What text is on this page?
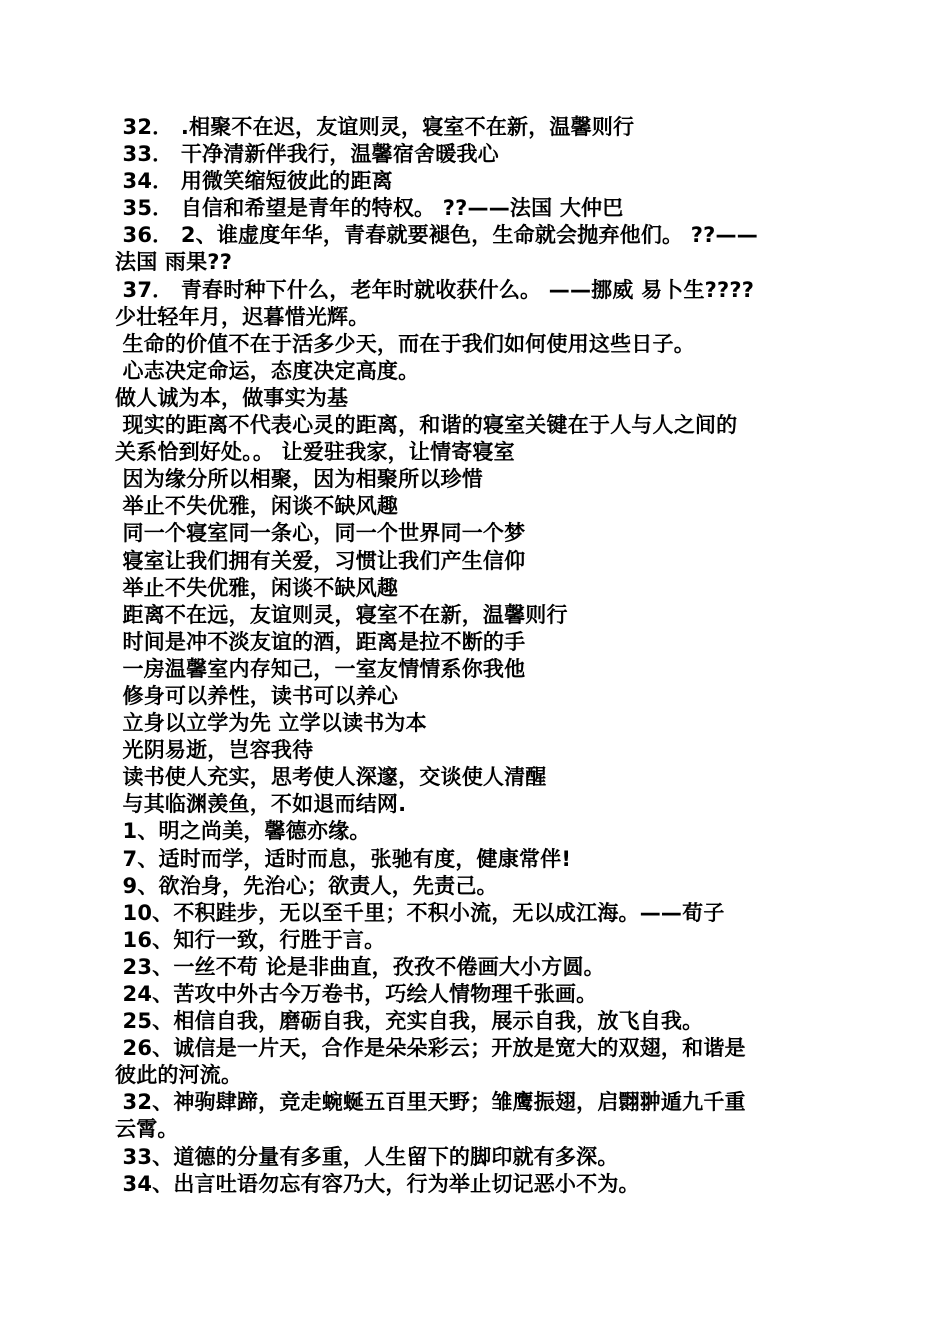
32． .相聚不在迟，友谊则灵，寝室不在新，温馨则行
33． 干净清新伴我行，温馨宿舍暖我心
34． 用微笑缩短彼此的距离
35． 自信和希望是青年的特权。 ??——法国 大仲巴
36． 2、谁虚度年华，青春就要褪色，生命就会抛弃他们。 ??——
法国 雨果??
37． 青春时种下什么，老年时就收获什么。 ——挪威 易卜生????
少壮轻年月，迟暮惜光辉。
生命的价值不在于活多少天，而在于我们如何使用这些日子。
心志决定命运，态度决定高度。
做人诚为本，做事实为基
现实的距离不代表心灵的距离，和谐的寝室关键在于人与人之间的
关系恰到好处。。 让爱驻我家，让情寄寝室
因为缘分所以相聚，因为相聚所以珍惜
举止不失优雅，闲谈不缺风趣
同一个寝室同一条心，同一个世界同一个梦
寝室让我们拥有关爱，习惯让我们产生信仰
举止不失优雅，闲谈不缺风趣
距离不在远，友谊则灵，寝室不在新，温馨则行
时间是冲不淡友谊的酒，距离是拉不断的手
一房温馨室内存知己，一室友情情系你我他
修身可以养性，读书可以养心
立身以立学为先 立学以读书为本
光阴易逝，岂容我待
读书使人充实，思考使人深邃，交谈使人清醒
与其临渊羡鱼，不如退而结网.
1、明之尚美，馨德亦缘。
7、适时而学，适时而息，张驰有度，健康常伴!
9、欲治身，先治心；欲责人，先责己。
10、不积跬步，无以至千里；不积小流，无以成江海。——荀子
16、知行一致，行胜于言。
23、一丝不苟 论是非曲直，孜孜不倦画大小方圆。
24、苦攻中外古今万卷书，巧绘人情物理千张画。
25、相信自我，磨砺自我，充实自我，展示自我，放飞自我。
26、诚信是一片天，合作是朵朵彩云；开放是宽大的双翅，和谐是
彼此的河流。
32、神驹肆蹄，竞走蜿蜒五百里天野；雏鹰振翅，启翾翀遁九千重
云霄。
33、道德的分量有多重，人生留下的脚印就有多深。
34、出言吐语勿忘有容乃大，行为举止切记恶小不为。
